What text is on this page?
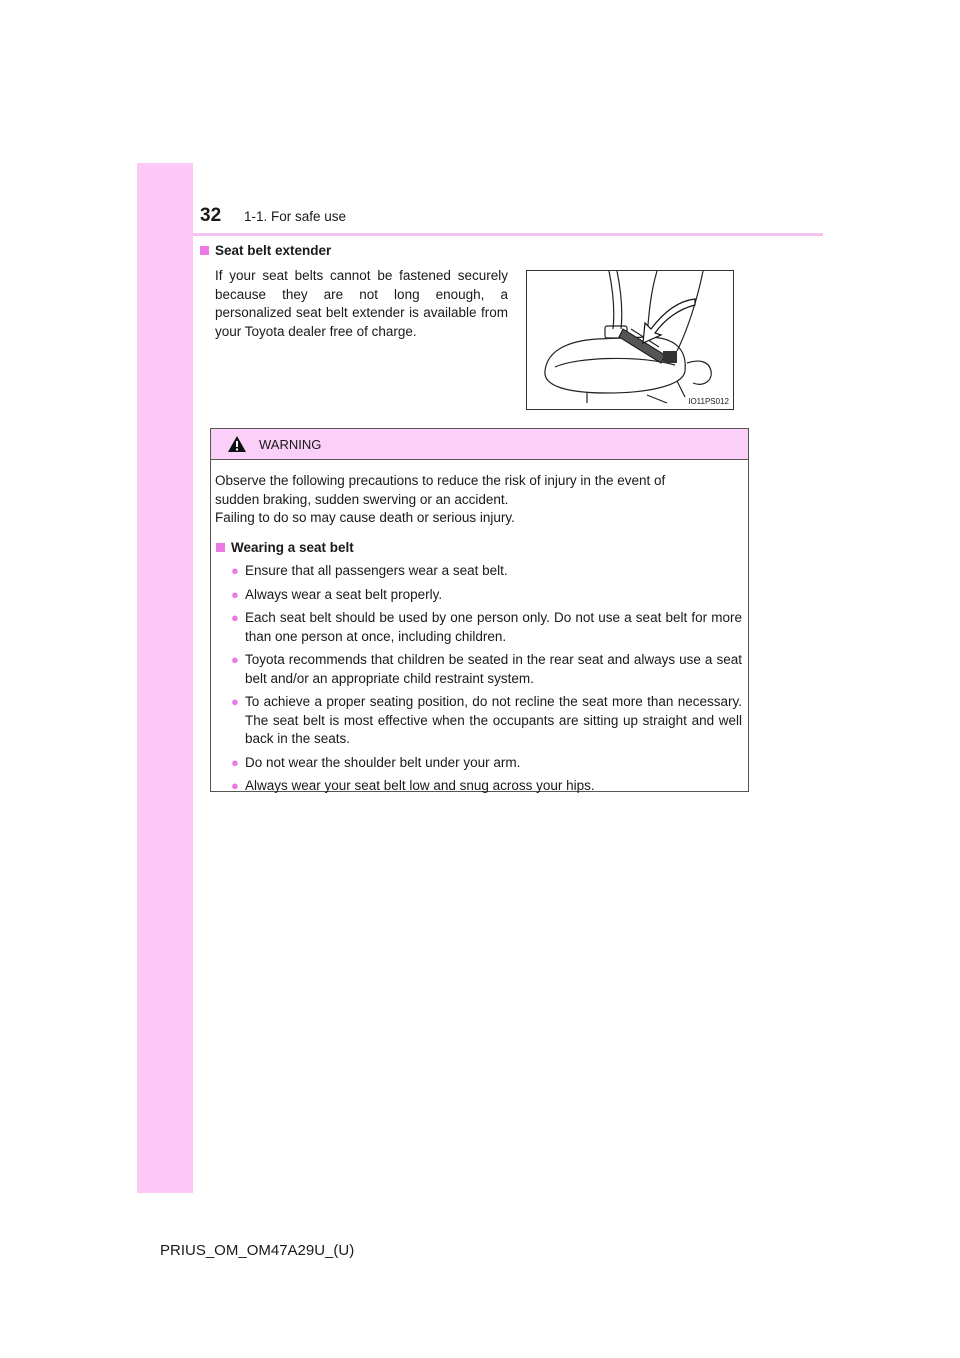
32	1-1. For safe use
Seat belt extender

If your seat belts cannot be fastened securely because they are not long enough, a personalized seat belt extender is available from your Toyota dealer free of charge.

IO11PS012
WARNING

Observe the following precautions to reduce the risk of injury in the event of

sudden braking, sudden swerving or an accident.

Failing to do so may cause death or serious injury.

Wearing a seat belt
● Ensure that all passengers wear a seat belt.
● Always wear a seat belt properly.
● Each seat belt should be used by one person only. Do not use a seat belt for more than one person at once, including children.
● Toyota recommends that children be seated in the rear seat and always use a seat belt and/or an appropriate child restraint system.
● To achieve a proper seating position, do not recline the seat more than necessary. The seat belt is most effective when the occupants are sitting up straight and well back in the seats.
● Do not wear the shoulder belt under your arm.
● Always wear your seat belt low and snug across your hips.
PRIUS_OM_OM47A29U_(U)
